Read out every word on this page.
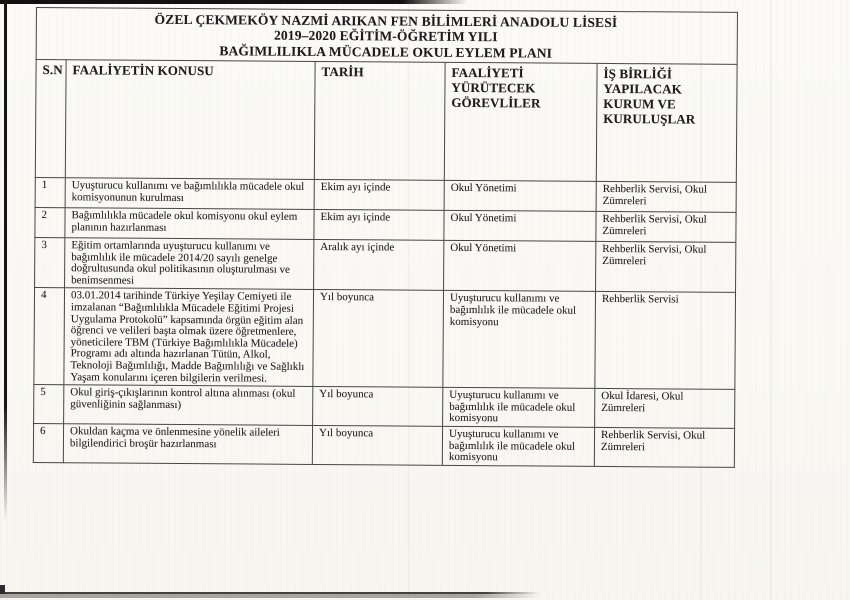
ÖZEL ÇEKMEKÖY NAZMİ ARIKAN FEN BİLİMLERİ ANADOLU LİSESİ
2019–2020 EĞİTİM-ÖĞRETİM YILI
BAĞIMLILIKLA MÜCADELE OKUL EYLEM PLANI				

S.N	FAALİYETİN KONUSU	TARİH	FAALİYETİ YÜRÜTECEK GÖREVLİLER	İŞ BİRLİĞİ YAPILACAK KURUM VE KURULUŞLAR

1	Uyuşturucu kullanımı ve bağımlılıkla mücadele okul komisyonunun kurulması	Ekim ayı içinde	Okul Yönetimi	Rehberlik Servisi, Okul Zümreleri
2	Bağımlılıkla mücadele okul komisyonu okul eylem planının hazırlanması	Ekim ayı içinde	Okul Yönetimi	Rehberlik Servisi, Okul Zümreleri
3	Eğitim ortamlarında uyuşturucu kullanımı ve bağımlılık ile mücadele 2014/20 sayılı genelge doğrultusunda okul politikasının oluşturulması ve benimsenmesi	Aralık ayı içinde	Okul Yönetimi	Rehberlik Servisi, Okul Zümreleri
4	03.01.2014 tarihinde Türkiye Yeşilay Cemiyeti ile imzalanan “Bağımlılıkla Mücadele Eğitimi Projesi Uygulama Protokolü” kapsamında örgün eğitim alan öğrenci ve velileri başta olmak üzere öğretmenlere, yöneticilere TBM (Türkiye Bağımlılıkla Mücadele) Programı adı altında hazırlanan Tütün, Alkol, Teknoloji Bağımlılığı, Madde Bağımlılığı ve Sağlıklı Yaşam konularını içeren bilgilerin verilmesi.	Yıl boyunca	Uyuşturucu kullanımı ve bağımlılık ile mücadele okul komisyonu	Rehberlik Servisi
5	Okul giriş-çıkışlarının kontrol altına alınması (okul güvenliğinin sağlanması)	Yıl boyunca	Uyuşturucu kullanımı ve bağımlılık ile mücadele okul komisyonu	Okul İdaresi, Okul Zümreleri
6	Okuldan kaçma ve önlenmesine yönelik aileleri bilgilendirici broşür hazırlanması	Yıl boyunca	Uyuşturucu kullanımı ve bağımlılık ile mücadele okul komisyonu	Rehberlik Servisi, Okul Zümreleri
